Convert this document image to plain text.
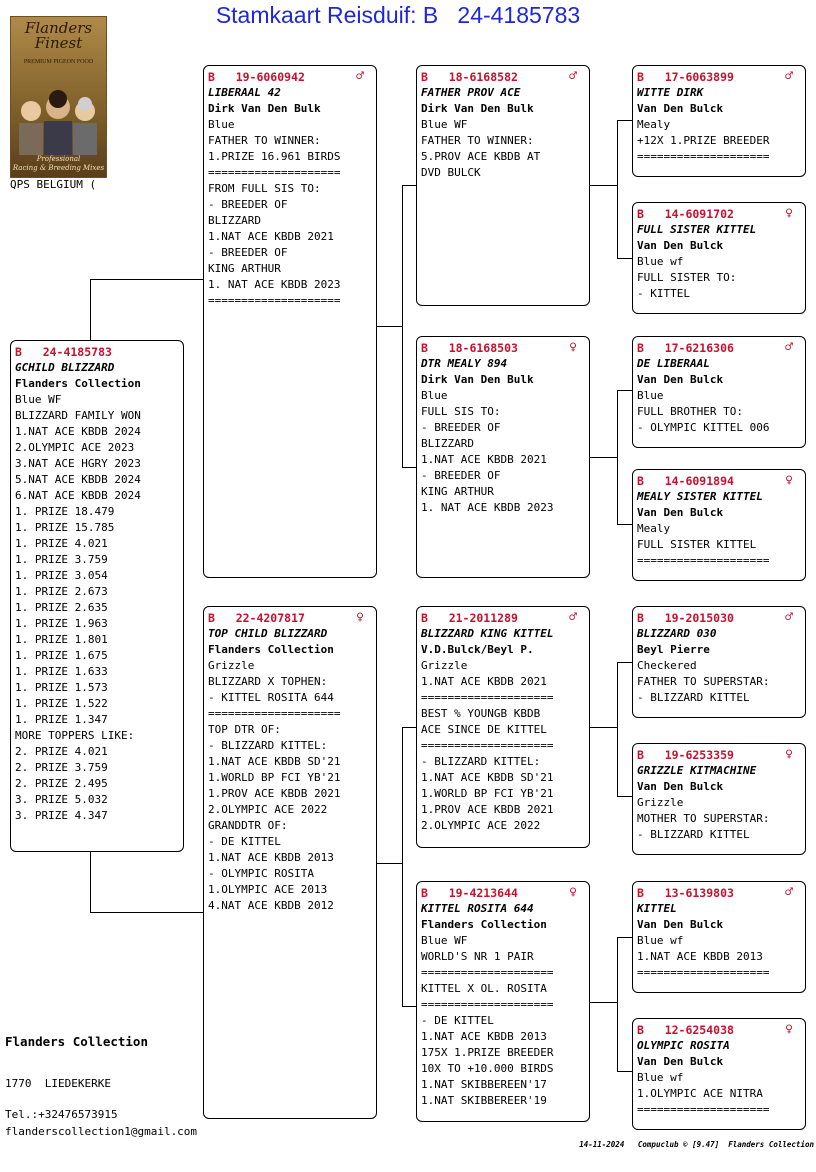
Stamkaart Reisduif: B   24-4185783
Flanders Finest
PREMIUM PIGEON FOOD
Professional
Racing & Breeding Mixes
QPS BELGIUM (
B   24-4185783
GCHILD BLIZZARD
Flanders Collection
Blue WF
BLIZZARD FAMILY WON
1.NAT ACE KBDB 2024
2.OLYMPIC ACE 2023
3.NAT ACE HGRY 2023
5.NAT ACE KBDB 2024
6.NAT ACE KBDB 2024
1. PRIZE 18.479
1. PRIZE 15.785
1. PRIZE 4.021
1. PRIZE 3.759
1. PRIZE 3.054
1. PRIZE 2.673
1. PRIZE 2.635
1. PRIZE 1.963
1. PRIZE 1.801
1. PRIZE 1.675
1. PRIZE 1.633
1. PRIZE 1.573
1. PRIZE 1.522
1. PRIZE 1.347
MORE TOPPERS LIKE:
2. PRIZE 4.021
2. PRIZE 3.759
2. PRIZE 2.495
3. PRIZE 5.032
3. PRIZE 4.347
B   19-6060942	♂
LIBERAAL 42
Dirk Van Den Bulk
Blue
FATHER TO WINNER:
1.PRIZE 16.961 BIRDS
====================
FROM FULL SIS TO:
- BREEDER OF
BLIZZARD
1.NAT ACE KBDB 2021
- BREEDER OF
KING ARTHUR
1. NAT ACE KBDB 2023
====================
B   22-4207817	♀
TOP CHILD BLIZZARD
Flanders Collection
Grizzle
BLIZZARD X TOPHEN:
- KITTEL ROSITA 644
====================
TOP DTR OF:
- BLIZZARD KITTEL:
1.NAT ACE KBDB SD'21
1.WORLD BP FCI YB'21
1.PROV ACE KBDB 2021
2.OLYMPIC ACE 2022
GRANDDTR OF:
- DE KITTEL
1.NAT ACE KBDB 2013
- OLYMPIC ROSITA
1.OLYMPIC ACE 2013
4.NAT ACE KBDB 2012
B   18-6168582	♂
FATHER PROV ACE
Dirk Van Den Bulk
Blue WF
FATHER TO WINNER:
5.PROV ACE KBDB AT
DVD BULCK
B   18-6168503	♀
DTR MEALY 894
Dirk Van Den Bulk
Blue
FULL SIS TO:
- BREEDER OF
BLIZZARD
1.NAT ACE KBDB 2021
- BREEDER OF
KING ARTHUR
1. NAT ACE KBDB 2023
B   21-2011289	♂
BLIZZARD KING KITTEL
V.D.Bulck/Beyl P.
Grizzle
1.NAT ACE KBDB 2021
====================
BEST % YOUNGB KBDB
ACE SINCE DE KITTEL
====================
- BLIZZARD KITTEL:
1.NAT ACE KBDB SD'21
1.WORLD BP FCI YB'21
1.PROV ACE KBDB 2021
2.OLYMPIC ACE 2022
B   19-4213644	♀
KITTEL ROSITA 644
Flanders Collection
Blue WF
WORLD'S NR 1 PAIR
====================
KITTEL X OL. ROSITA
====================
- DE KITTEL
1.NAT ACE KBDB 2013
175X 1.PRIZE BREEDER
10X TO +10.000 BIRDS
1.NAT SKIBBEREEN'17
1.NAT SKIBBEREER'19
B   17-6063899	♂
WITTE DIRK
Van Den Bulck
Mealy
+12X 1.PRIZE BREEDER
====================
B   14-6091702	♀
FULL SISTER KITTEL
Van Den Bulck
Blue wf
FULL SISTER TO:
- KITTEL
B   17-6216306	♂
DE LIBERAAL
Van Den Bulck
Blue
FULL BROTHER TO:
- OLYMPIC KITTEL 006
B   14-6091894	♀
MEALY SISTER KITTEL
Van Den Bulck
Mealy
FULL SISTER KITTEL
====================
B   19-2015030	♂
BLIZZARD 030
Beyl Pierre
Checkered
FATHER TO SUPERSTAR:
- BLIZZARD KITTEL
B   19-6253359	♀
GRIZZLE KITMACHINE
Van Den Bulck
Grizzle
MOTHER TO SUPERSTAR:
- BLIZZARD KITTEL
B   13-6139803	♂
KITTEL
Van Den Bulck
Blue wf
1.NAT ACE KBDB 2013
====================
B   12-6254038	♀
OLYMPIC ROSITA
Van Den Bulck
Blue wf
1.OLYMPIC ACE NITRA
====================
Flanders Collection
1770  LIEDEKERKE
Tel.:+32476573915
flanderscollection1@gmail.com
14-11-2024   Compuclub © [9.47]  Flanders Collection
